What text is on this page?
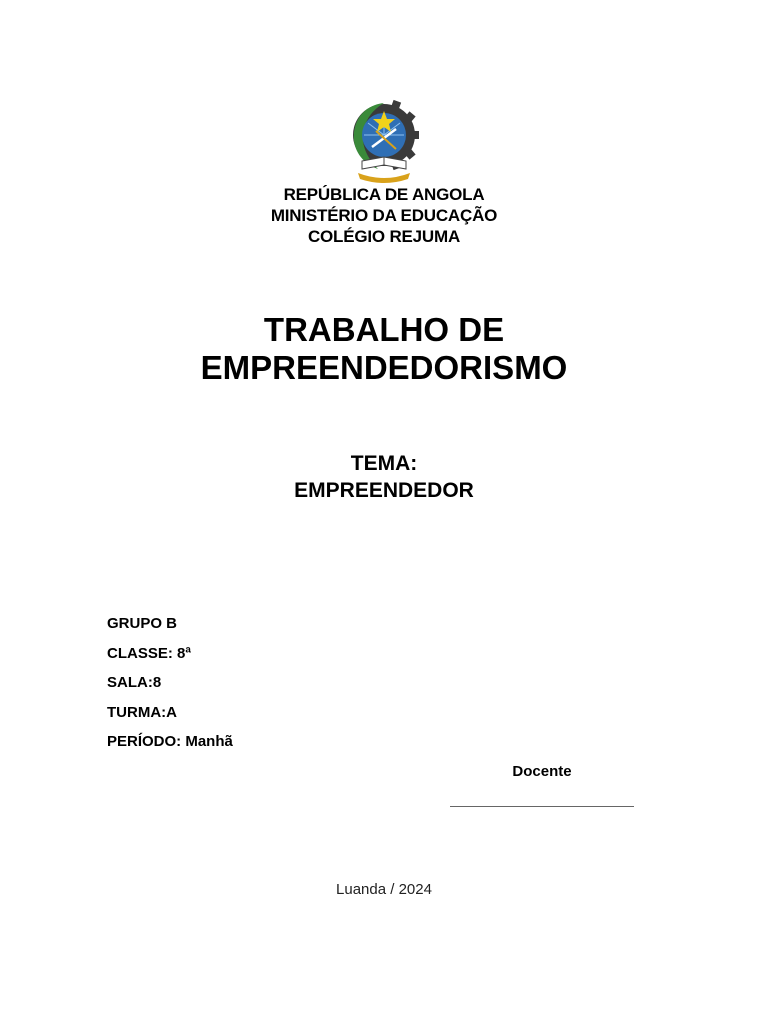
REPÚBLICA DE ANGOLA
MINISTÉRIO DA EDUCAÇÃO
COLÉGIO REJUMA
TRABALHO DE
EMPREENDEDORISMO
TEMA:
EMPREENDEDOR
GRUPO B
CLASSE: 8ª
SALA:8
TURMA:A
PERÍODO: Manhã
Docente
Luanda / 2024
